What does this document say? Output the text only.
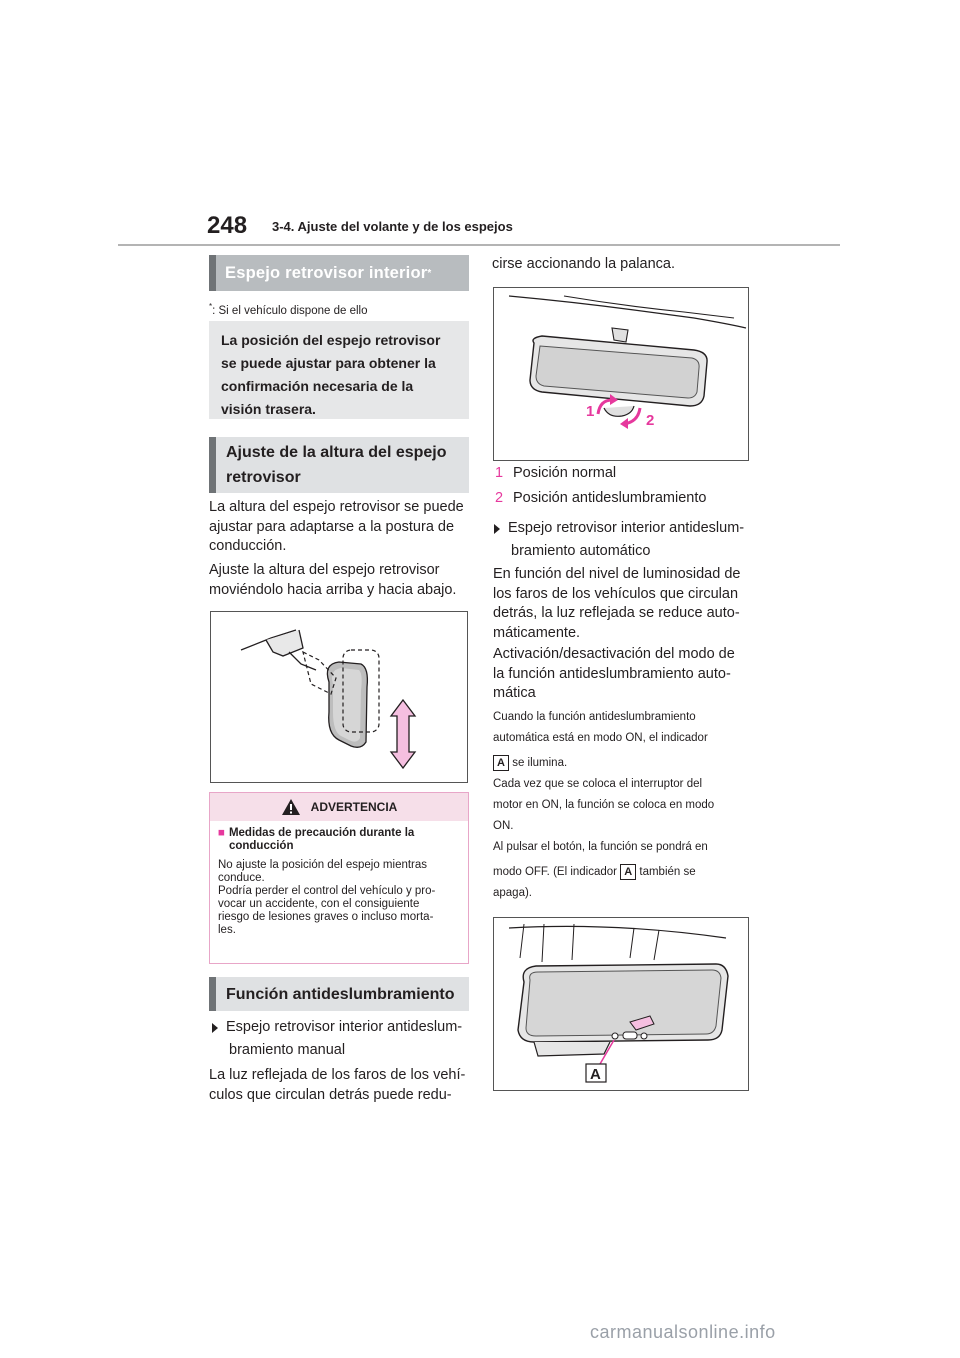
248 3-4. Ajuste del volante y de los espejos
Espejo retrovisor interior *
*: Si el vehículo dispone de ello
La posición del espejo retrovisor
se puede ajustar para obtener la
confirmación necesaria de la
visión trasera.
Ajuste de la altura del espejo
retrovisor
La altura del espejo retrovisor se puede
ajustar para adaptarse a la postura de
conducción.
Ajuste la altura del espejo retrovisor
moviéndolo hacia arriba y hacia abajo.
ADVERTENCIA
■ Medidas de precaución durante la
conducción
No ajuste la posición del espejo mientras
conduce.
Podría perder el control del vehículo y pro-
vocar un accidente, con el consiguiente
riesgo de lesiones graves o incluso morta-
les.
Función antideslumbramiento
Espejo retrovisor interior antideslum-
bramiento manual
La luz reflejada de los faros de los vehí-
culos que circulan detrás puede redu-
cirse accionando la palanca.
1
2
1 Posición normal
2 Posición antideslumbramiento
Espejo retrovisor interior antideslum-
bramiento automático
En función del nivel de luminosidad de
los faros de los vehículos que circulan
detrás, la luz reflejada se reduce auto-
máticamente.
Activación/desactivación del modo de
la función antideslumbramiento auto-
mática
Cuando la función antideslumbramiento
automática está en modo ON, el indicador
A se ilumina.
Cada vez que se coloca el interruptor del
motor en ON, la función se coloca en modo
ON.
Al pulsar el botón, la función se pondrá en
modo OFF. (El indicador A también se
apaga).
A
carmanualsonline.info
